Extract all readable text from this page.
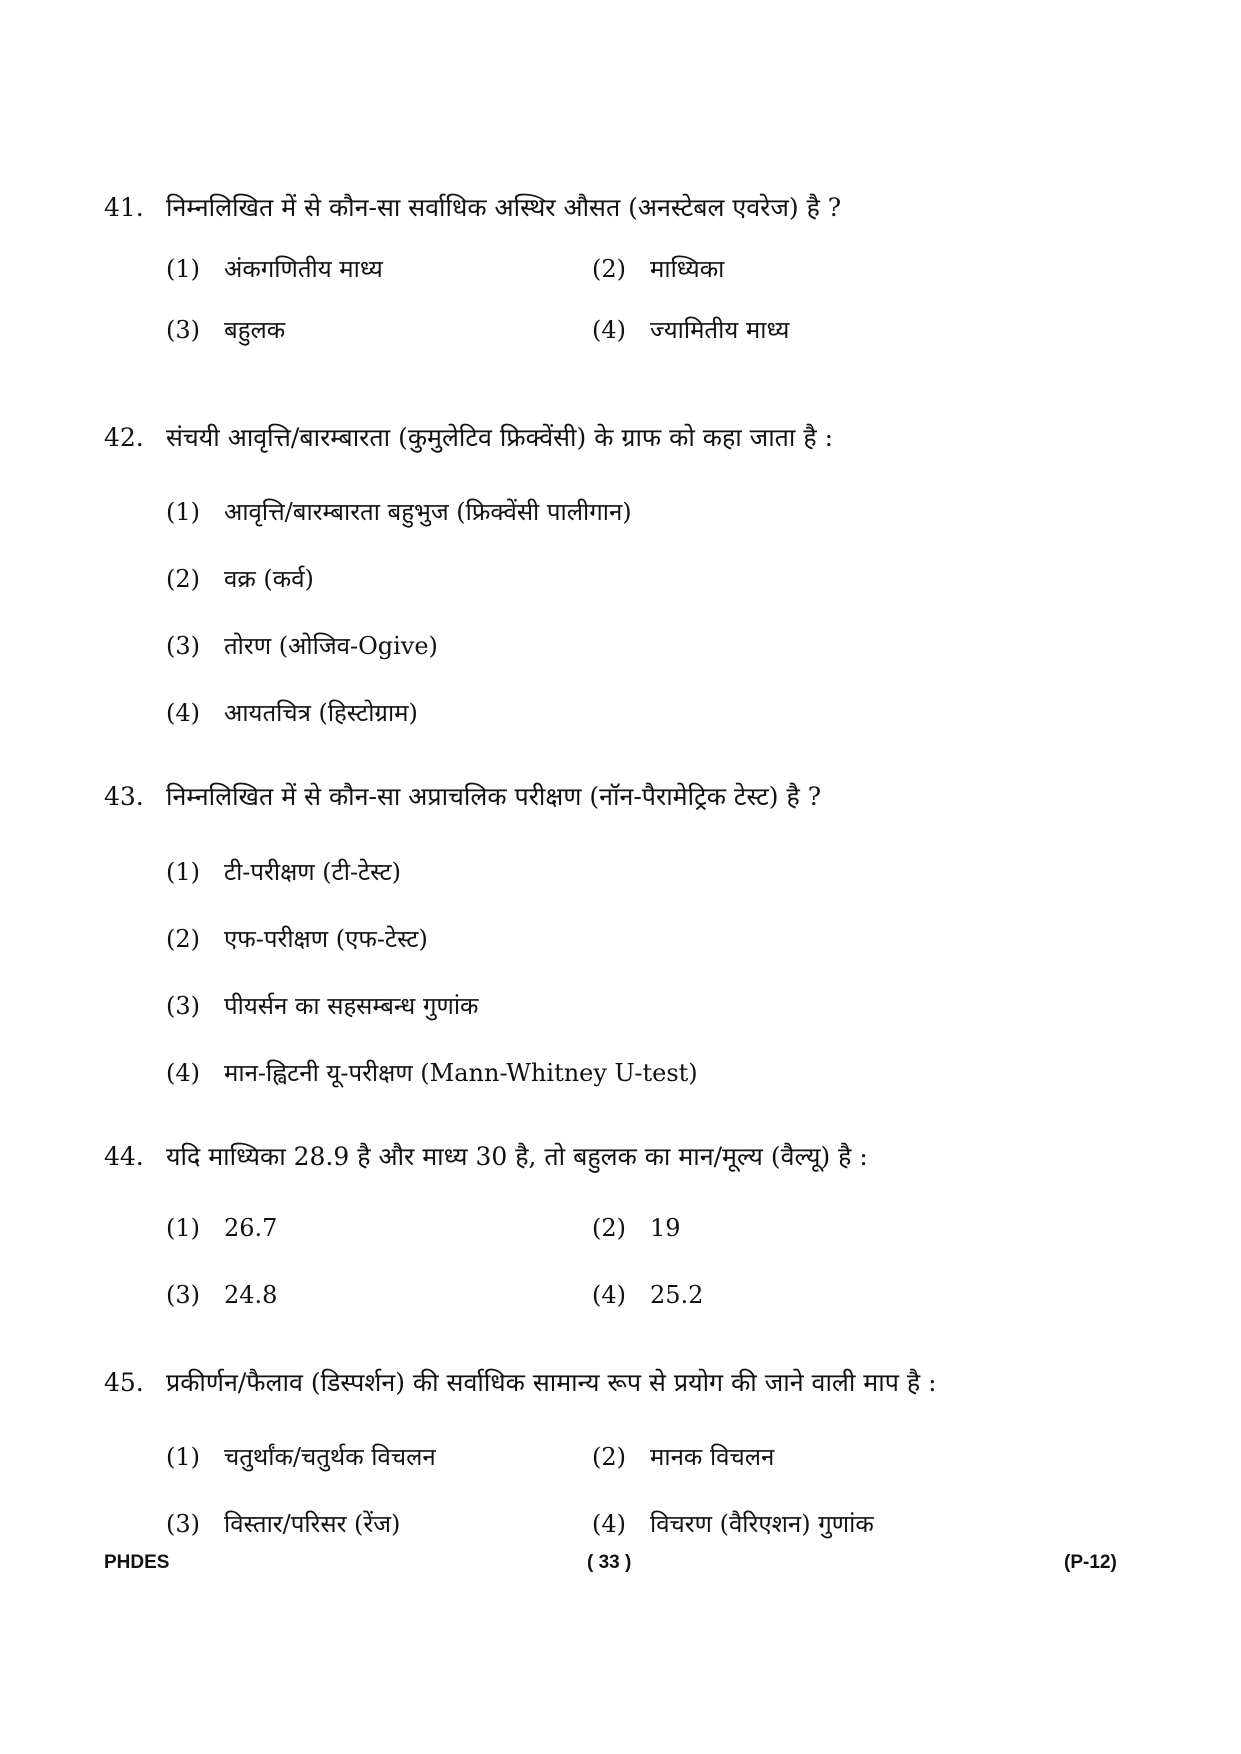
41. निम्नलिखित में से कौन-सा सर्वाधिक अस्थिर औसत (अनस्टेबल एवरेज) है ?
(1) अंकगणितीय माध्य	(2) माध्यिका
(3) बहुलक	(4) ज्यामितीय माध्य
42. संचयी आवृत्ति/बारम्बारता (कुमुलेटिव फ्रिक्वेंसी) के ग्राफ को कहा जाता है :
(1) आवृत्ति/बारम्बारता बहुभुज (फ्रिक्वेंसी पालीगान)
(2) वक्र (कर्व)
(3) तोरण (ओजिव-Ogive)
(4) आयतचित्र (हिस्टोग्राम)
43. निम्नलिखित में से कौन-सा अप्राचलिक परीक्षण (नॉन-पैरामेट्रिक टेस्ट) है ?
(1) टी-परीक्षण (टी-टेस्ट)
(2) एफ-परीक्षण (एफ-टेस्ट)
(3) पीयर्सन का सहसम्बन्ध गुणांक
(4) मान-ह्विटनी यू-परीक्षण (Mann-Whitney U-test)
44. यदि माध्यिका 28.9 है और माध्य 30 है, तो बहुलक का मान/मूल्य (वैल्यू) है :
(1) 26.7	(2) 19
(3) 24.8	(4) 25.2
45. प्रकीर्णन/फैलाव (डिस्पर्शन) की सर्वाधिक सामान्य रूप से प्रयोग की जाने वाली माप है :
(1) चतुर्थांक/चतुर्थक विचलन	(2) मानक विचलन
(3) विस्तार/परिसर (रेंज)	(4) विचरण (वैरिएशन) गुणांक
PHDES	( 33 )	(P-12)
